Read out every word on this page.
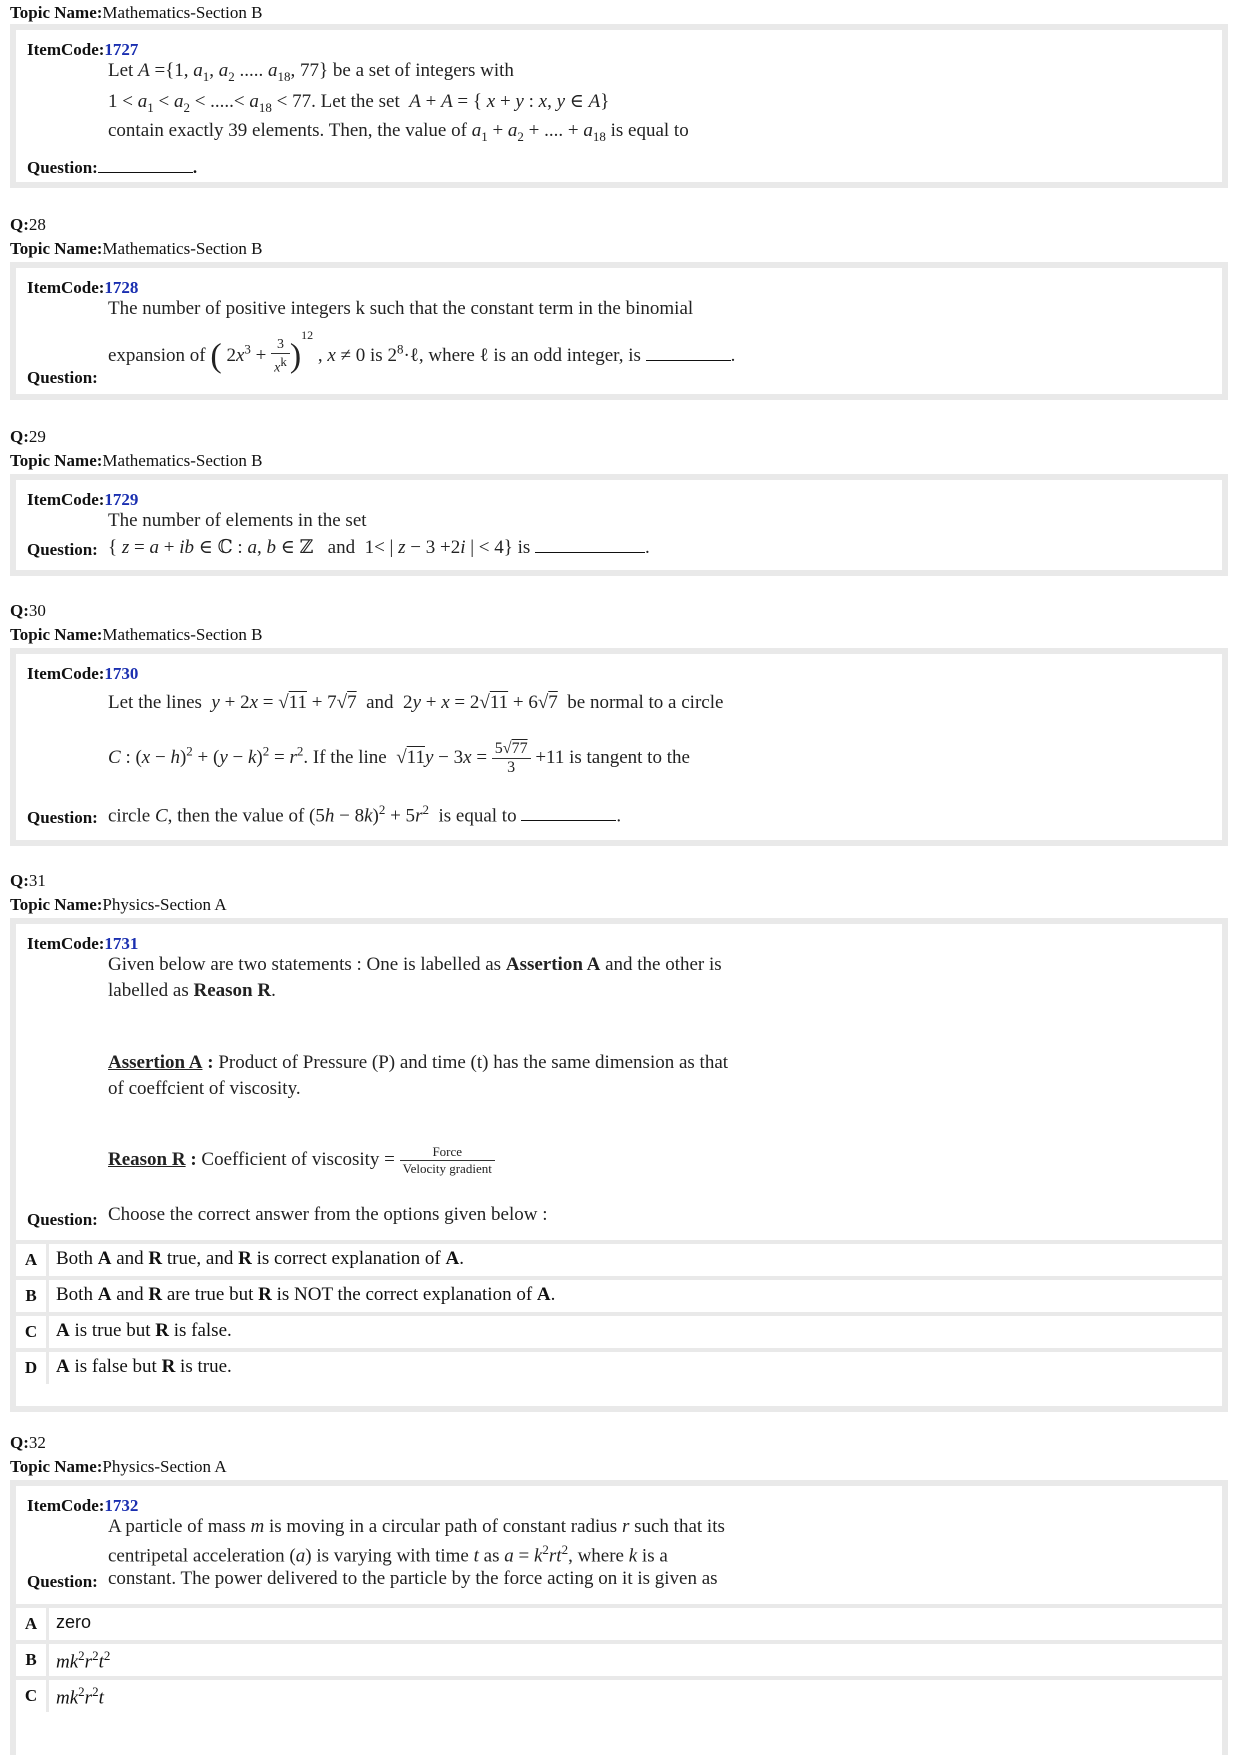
Topic Name:Mathematics-Section B
ItemCode:1727
Let A ={1, $a_1$, $a_2$ ..... $a_{18}$, 77} be a set of integers with
$1 < a_1 < a_2$ < .....< $a_{18} < 77$. Let the set  A + A = { x + y : x, y ∈ A}
contain exactly 39 elements. Then, the value of $a_1 + a_2$ + .... + $a_{18}$ is equal to
Question:	.
Q:28
Topic Name:Mathematics-Section B
ItemCode:1728
The number of positive integers k such that the constant term in the binomial
expansion of ( $2x^3 + \frac{3}{x^k} )^{12}$ , x ≠ 0 is $2^8\cdot\ell$, where ℓ is an odd integer, is	.
Question:
Q:29
Topic Name:Mathematics-Section B
ItemCode:1729
The number of elements in the set
Question: { z = a + ib ∈ ℂ : a, b ∈ ℤ   and  1< | z − 3 +2i | < 4} is	.
Q:30
Topic Name:Mathematics-Section B
ItemCode:1730
Let the lines  y + 2x = √11 + 7√7  and  2y + x = 2√11 + 6√7  be normal to a circle
C : $(x - h)^2 + (y - k)^2 = r^2$. If the line  $√11y - 3x = \frac{5√77}{3} +11$ is tangent to the
Question: circle C, then the value of $(5h - 8k)^2 + 5r^2$  is equal to	.
Q:31
Topic Name:Physics-Section A
ItemCode:1731
Given below are two statements : One is labelled as Assertion A and the other is
labelled as Reason R.
Assertion A : Product of Pressure (P) and time (t) has the same dimension as that
of coeffcient of viscosity.
Reason R : Coefficient of viscosity = $\frac{\text{Force}}{\text{Velocity gradient}}$
Question: Choose the correct answer from the options given below :
A Both A and R true, and R is correct explanation of A.
B	Both A and R are true but R is NOT the correct explanation of A.
C A is true but R is false.
D A is false but R is true.
Q:32
Topic Name:Physics-Section A
ItemCode:1732
A particle of mass m is moving in a circular path of constant radius r such that its
centripetal acceleration (a) is varying with time t as $a = k^2rt^2$, where k is a
Question: constant. The power delivered to the particle by the force acting on it is given as
A	zero
B	$mk^2r^2t^2$
C $mk^2r^2t$
